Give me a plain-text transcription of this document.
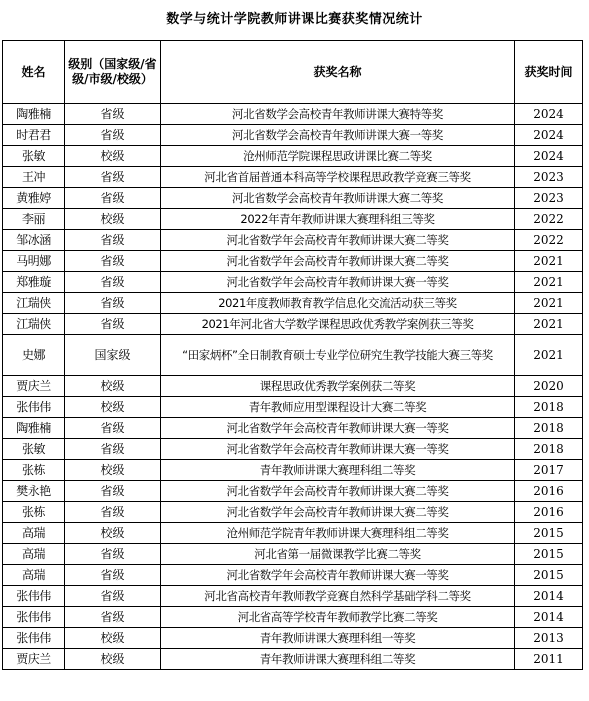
数学与统计学院教师讲课比赛获奖情况统计
姓名	级别（国家级/省级/市级/校级）	获奖名称	获奖时间
陶雅楠	省级	河北省数学会高校青年教师讲课大赛特等奖	2024
时君君	省级	河北省数学会高校青年教师讲课大赛一等奖	2024
张敏	校级	沧州师范学院课程思政讲课比赛二等奖	2024
王冲	省级	河北省首届普通本科高等学校课程思政教学竞赛三等奖	2023
黄雅婷	省级	河北省数学会高校青年教师讲课大赛二等奖	2023
李丽	校级	2022年青年教师讲课大赛理科组三等奖	2022
邹冰涵	省级	河北省数学年会高校青年教师讲课大赛二等奖	2022
马明娜	省级	河北省数学年会高校青年教师讲课大赛二等奖	2021
郑雅璇	省级	河北省数学年会高校青年教师讲课大赛一等奖	2021
江瑞侠	省级	2021年度教师教育教学信息化交流活动获三等奖	2021
江瑞侠	省级	2021年河北省大学数学课程思政优秀教学案例获三等奖	2021
史娜	国家级	“田家炳杯”全日制教育硕士专业学位研究生教学技能大赛三等奖	2021
贾庆兰	校级	课程思政优秀教学案例获二等奖	2020
张伟伟	校级	青年教师应用型课程设计大赛二等奖	2018
陶雅楠	省级	河北省数学年会高校青年教师讲课大赛一等奖	2018
张敏	省级	河北省数学年会高校青年教师讲课大赛一等奖	2018
张栋	校级	青年教师讲课大赛理科组二等奖	2017
樊永艳	省级	河北省数学年会高校青年教师讲课大赛二等奖	2016
张栋	省级	河北省数学年会高校青年教师讲课大赛二等奖	2016
高瑞	校级	沧州师范学院青年教师讲课大赛理科组二等奖	2015
高瑞	省级	河北省第一届微课教学比赛二等奖	2015
高瑞	省级	河北省数学年会高校青年教师讲课大赛一等奖	2015
张伟伟	省级	河北省高校青年教师教学竞赛自然科学基础学科二等奖	2014
张伟伟	省级	河北省高等学校青年教师教学比赛二等奖	2014
张伟伟	校级	青年教师讲课大赛理科组一等奖	2013
贾庆兰	校级	青年教师讲课大赛理科组二等奖	2011
